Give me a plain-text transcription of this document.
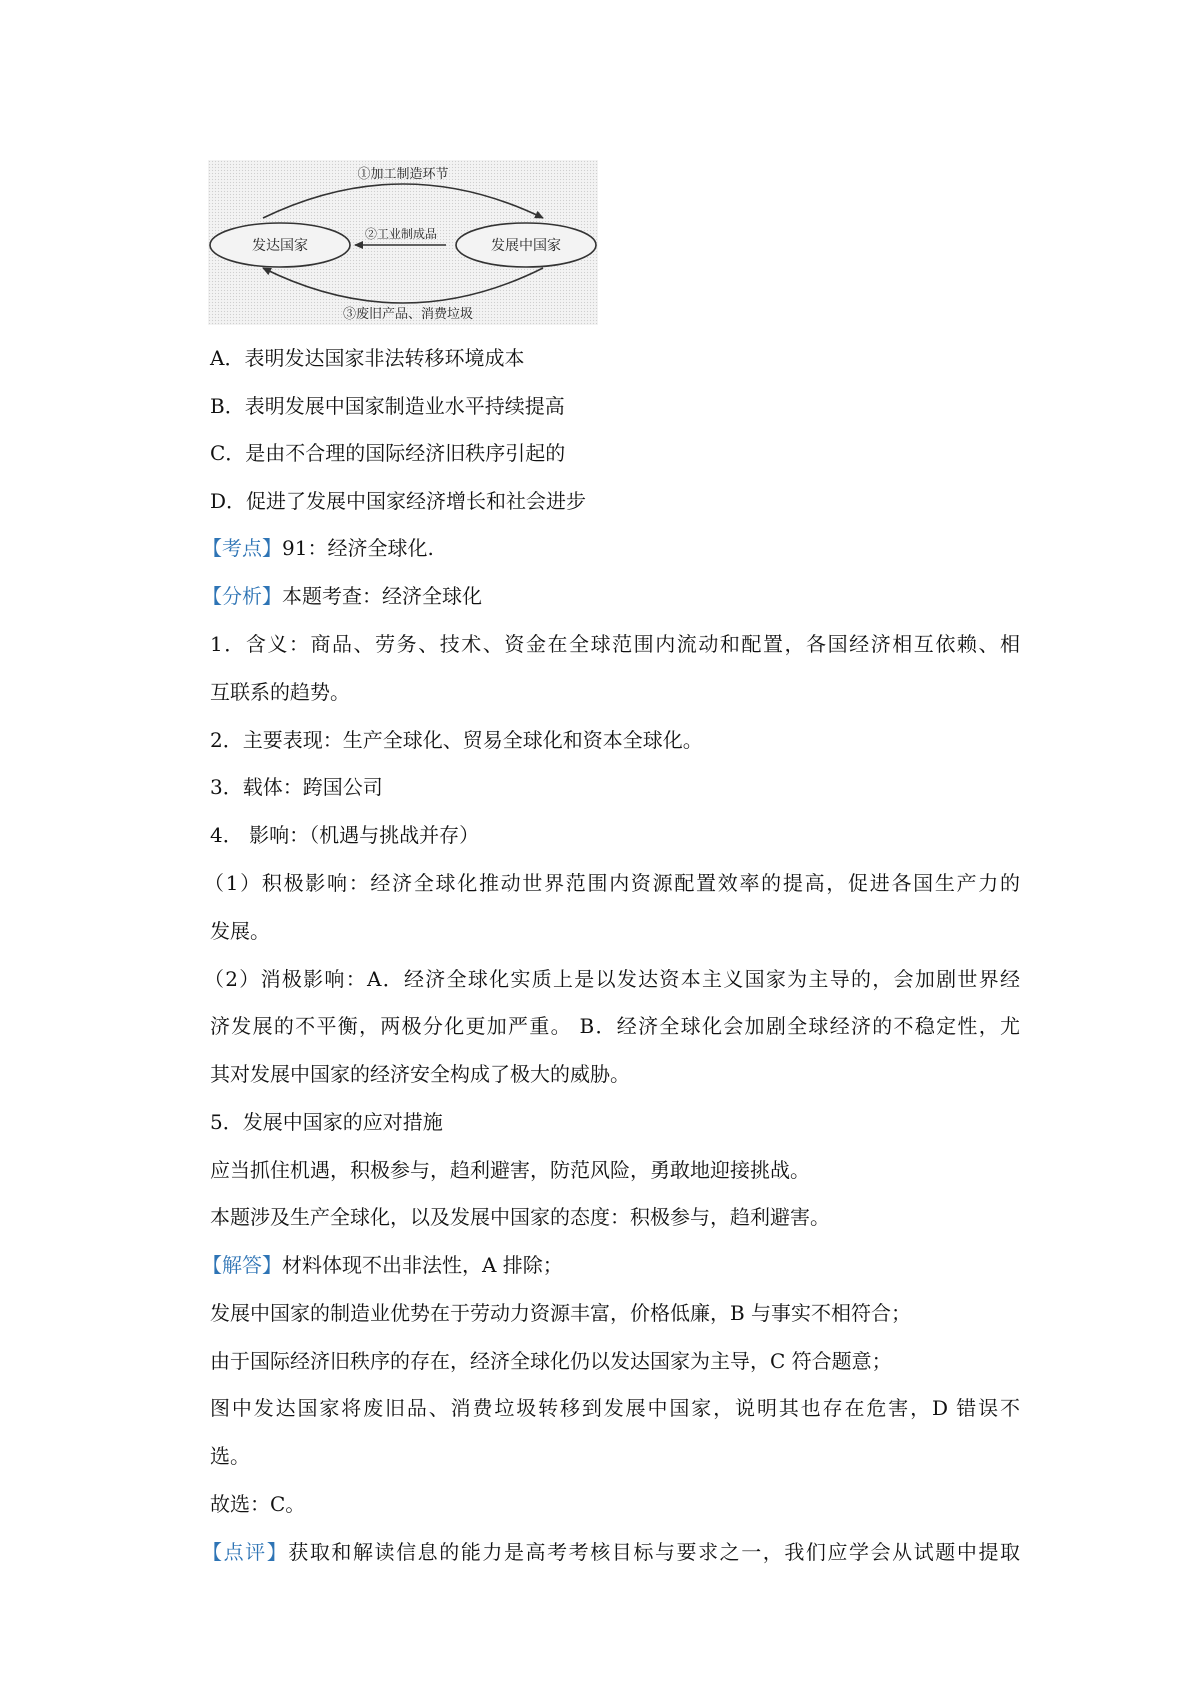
发达国家	发展中国家
①加工制造环节
②工业制成品
③废旧产品、消费垃圾
A．表明发达国家非法转移环境成本
B．表明发展中国家制造业水平持续提高
C．是由不合理的国际经济旧秩序引起的
D．促进了发展中国家经济增长和社会进步
【考点】91：经济全球化.
【分析】本题考查：经济全球化
1．含义：商品、劳务、技术、资金在全球范围内流动和配置，各国经济相互依赖、相
互联系的趋势。
2．主要表现：生产全球化、贸易全球化和资本全球化。
3．载体：跨国公司
4． 影响：（机遇与挑战并存）
（1）积极影响：经济全球化推动世界范围内资源配置效率的提高，促进各国生产力的
发展。
（2）消极影响：A．经济全球化实质上是以发达资本主义国家为主导的，会加剧世界经
济发展的不平衡，两极分化更加严重。 B．经济全球化会加剧全球经济的不稳定性，尤
其对发展中国家的经济安全构成了极大的威胁。
5．发展中国家的应对措施
应当抓住机遇，积极参与，趋利避害，防范风险，勇敢地迎接挑战。
本题涉及生产全球化，以及发展中国家的态度：积极参与，趋利避害。
【解答】材料体现不出非法性，A 排除；
发展中国家的制造业优势在于劳动力资源丰富，价格低廉，B 与事实不相符合；
由于国际经济旧秩序的存在，经济全球化仍以发达国家为主导，C 符合题意；
图中发达国家将废旧品、消费垃圾转移到发展中国家，说明其也存在危害，D 错误不
选。
故选：C。
【点评】获取和解读信息的能力是高考考核目标与要求之一，我们应学会从试题中提取
